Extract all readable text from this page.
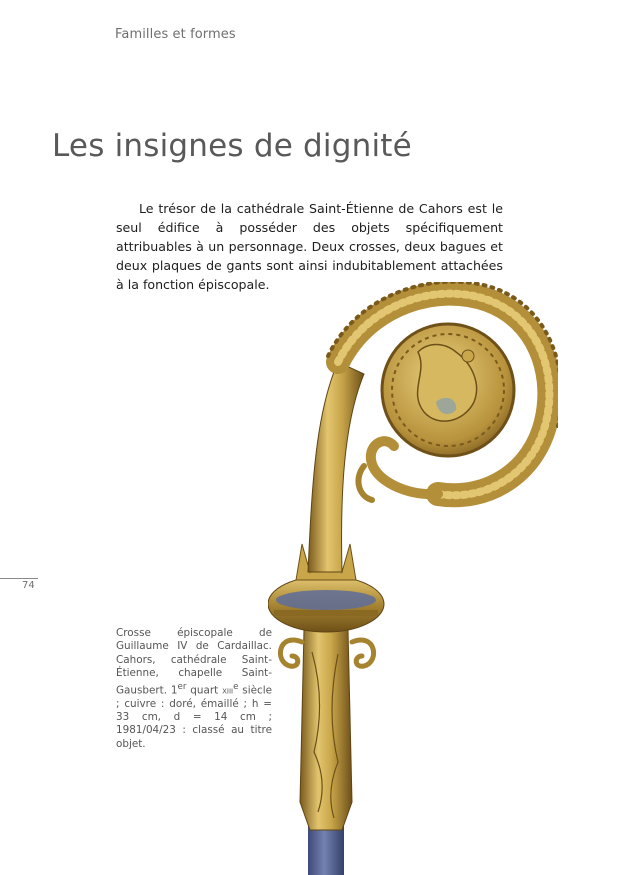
Familles et formes
Les insignes de dignité

Le trésor de la cathédrale Saint-Étienne de Cahors est le seul édifice à posséder des objets spécifiquement attribuables à un personnage. Deux crosses, deux bagues et deux plaques de gants sont ainsi indubitablement attachées à la fonction épiscopale.

74

Crosse épiscopale de Guillaume IV de Cardaillac. Cahors, cathédrale Saint-Étienne, chapelle Saint-Gausbert. 1er quart xiii$^e$ siècle ; cuivre : doré, émaillé ; h = 33 cm, d = 14 cm ; 1981/04/23 : classé au titre objet.
